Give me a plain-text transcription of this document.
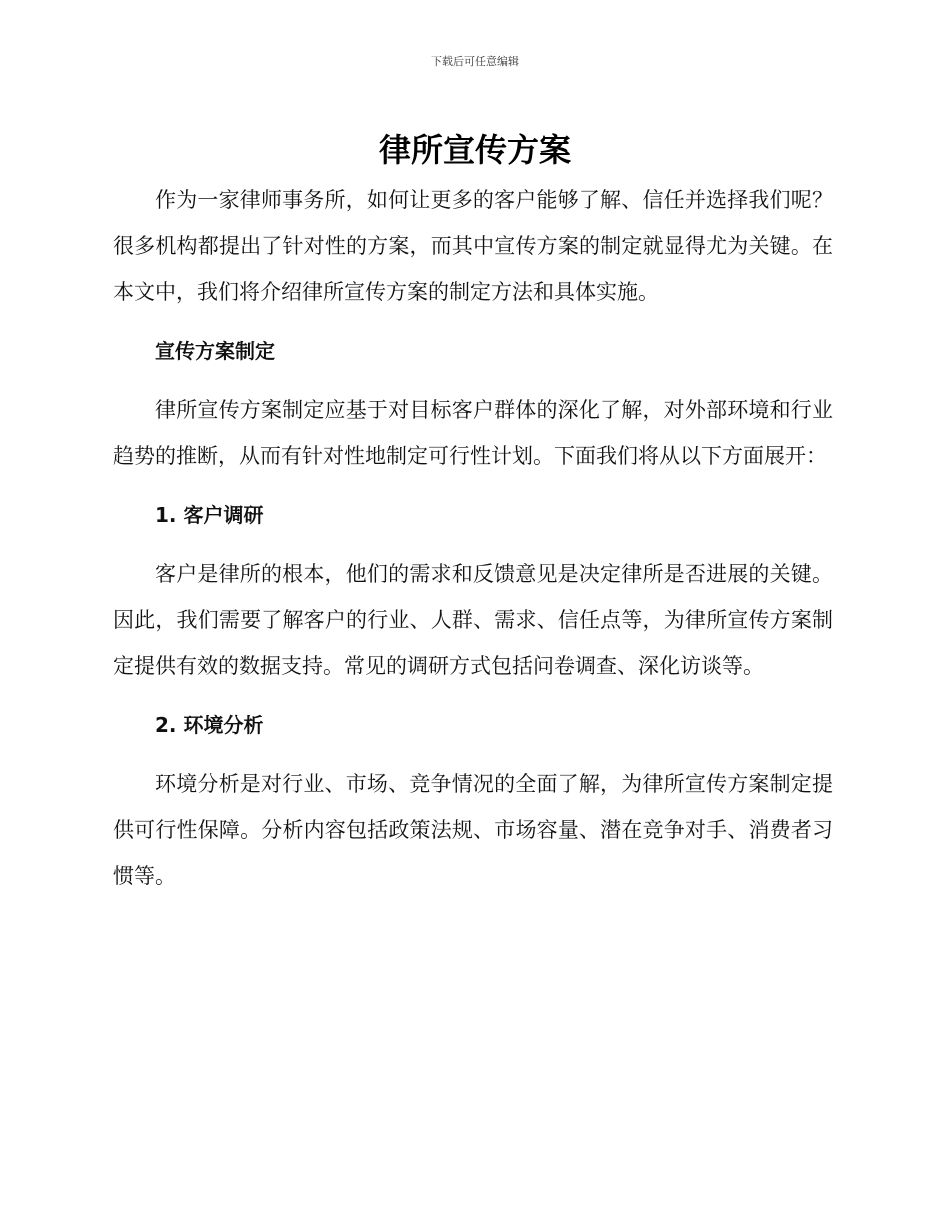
下载后可任意编辑
律所宣传方案

作为一家律师事务所，如何让更多的客户能够了解、信任并选择我们呢？很多机构都提出了针对性的方案，而其中宣传方案的制定就显得尤为关键。在本文中，我们将介绍律所宣传方案的制定方法和具体实施。

宣传方案制定

律所宣传方案制定应基于对目标客户群体的深化了解，对外部环境和行业趋势的推断，从而有针对性地制定可行性计划。下面我们将从以下方面展开：

1. 客户调研

客户是律所的根本，他们的需求和反馈意见是决定律所是否进展的关键。因此，我们需要了解客户的行业、人群、需求、信任点等，为律所宣传方案制定提供有效的数据支持。常见的调研方式包括问卷调查、深化访谈等。

2. 环境分析

环境分析是对行业、市场、竞争情况的全面了解，为律所宣传方案制定提供可行性保障。分析内容包括政策法规、市场容量、潜在竞争对手、消费者习惯等。
